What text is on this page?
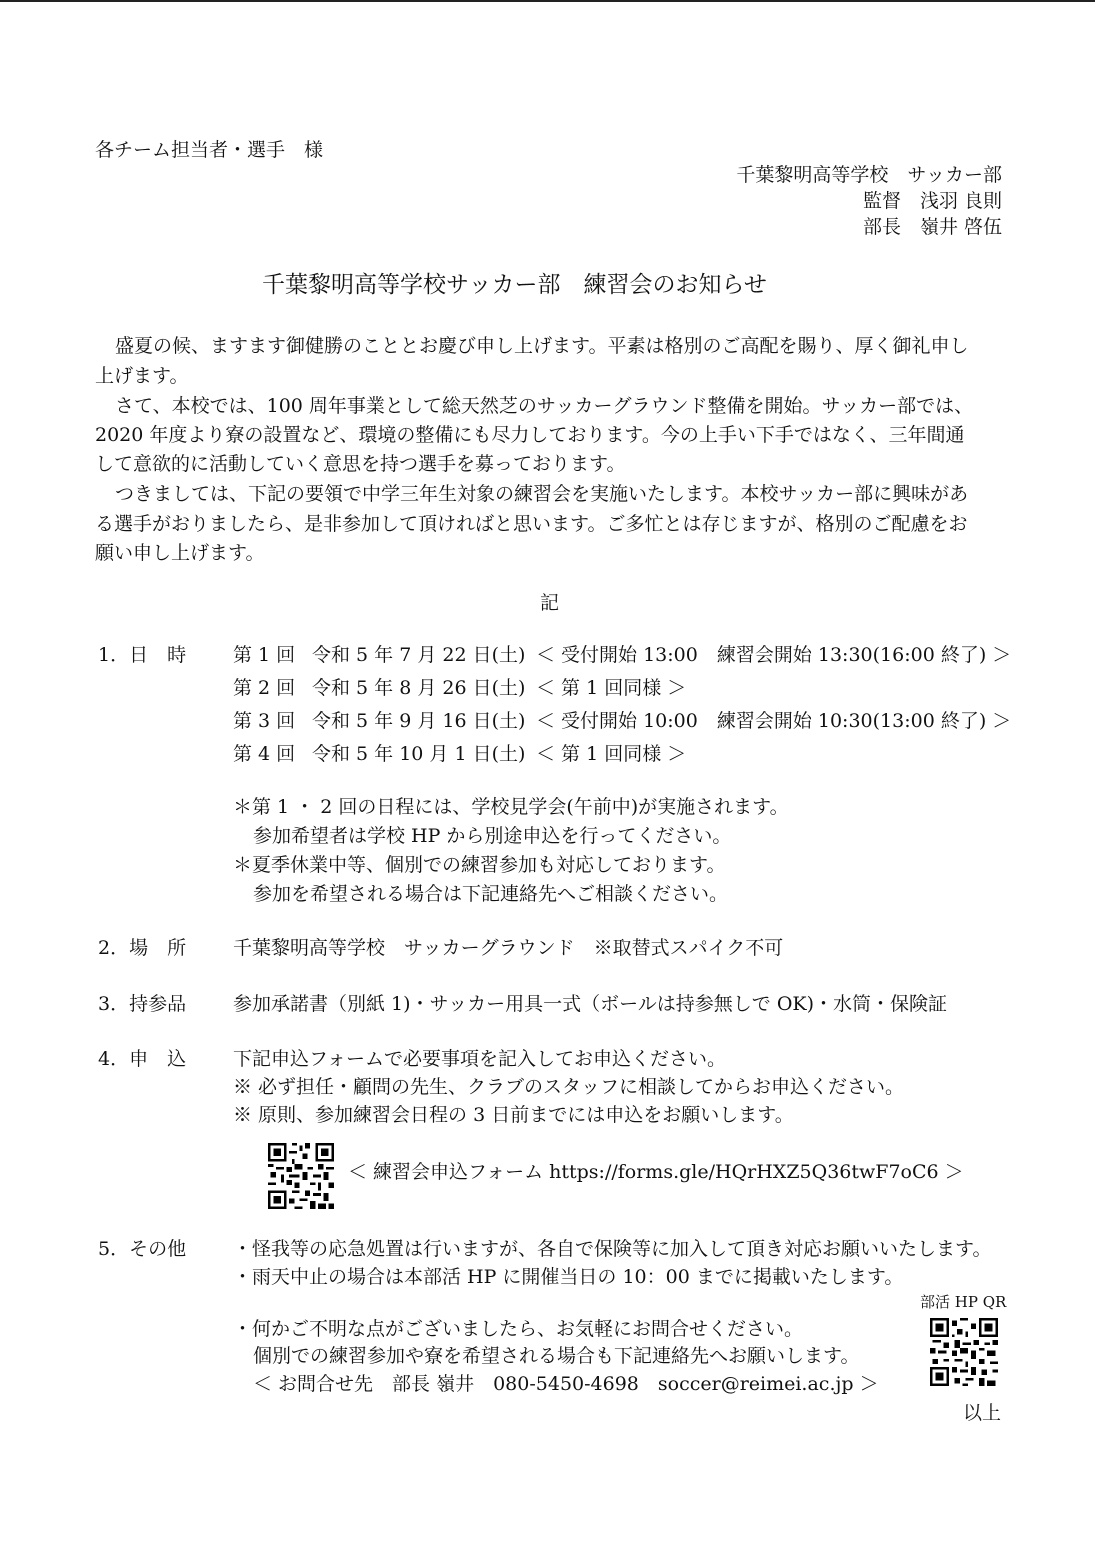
各チーム担当者・選手　様
千葉黎明高等学校　サッカー部
監督　浅羽 良則
部長　嶺井 啓伍
千葉黎明高等学校サッカー部　練習会のお知らせ
盛夏の候、ますます御健勝のこととお慶び申し上げます。平素は格別のご高配を賜り、厚く御礼申し
上げます。
さて、本校では、100 周年事業として総天然芝のサッカーグラウンド整備を開始。サッカー部では、
2020 年度より寮の設置など、環境の整備にも尽力しております。今の上手い下手ではなく、三年間通
して意欲的に活動していく意思を持つ選手を募っております。
つきましては、下記の要領で中学三年生対象の練習会を実施いたします。本校サッカー部に興味があ
る選手がおりましたら、是非参加して頂ければと思います。ご多忙とは存じますが、格別のご配慮をお
願い申し上げます。
記
1．日　時 第 1 回 令和 5 年 7 月 22 日(土) ＜ 受付開始 13:00　練習会開始 13:30(16:00 終了) ＞
第 2 回 令和 5 年 8 月 26 日(土) ＜ 第 1 回同様 ＞
第 3 回 令和 5 年 9 月 16 日(土) ＜ 受付開始 10:00　練習会開始 10:30(13:00 終了) ＞
第 4 回 令和 5 年 10 月 1 日(土) ＜ 第 1 回同様 ＞
＊第 1 ・ 2 回の日程には、学校見学会(午前中)が実施されます。
参加希望者は学校 HP から別途申込を行ってください。
＊夏季休業中等、個別での練習参加も対応しております。
参加を希望される場合は下記連絡先へご相談ください。
2．場　所 千葉黎明高等学校　サッカーグラウンド　※取替式スパイク不可
3．持参品 参加承諾書（別紙 1)・サッカー用具一式（ボールは持参無しで OK)・水筒・保険証
4．申　込 下記申込フォームで必要事項を記入してお申込ください。
※ 必ず担任・顧問の先生、クラブのスタッフに相談してからお申込ください。
※ 原則、参加練習会日程の 3 日前までには申込をお願いします。
＜ 練習会申込フォーム https://forms.gle/HQrHXZ5Q36twF7oC6 ＞
5．その他 ・怪我等の応急処置は行いますが、各自で保険等に加入して頂き対応お願いいたします。
・雨天中止の場合は本部活 HP に開催当日の 10：00 までに掲載いたします。
・何かご不明な点がございましたら、お気軽にお問合せください。
個別での練習参加や寮を希望される場合も下記連絡先へお願いします。
＜ お問合せ先　部長 嶺井　080-5450-4698　soccer@reimei.ac.jp ＞
部活 HP QR
以上
